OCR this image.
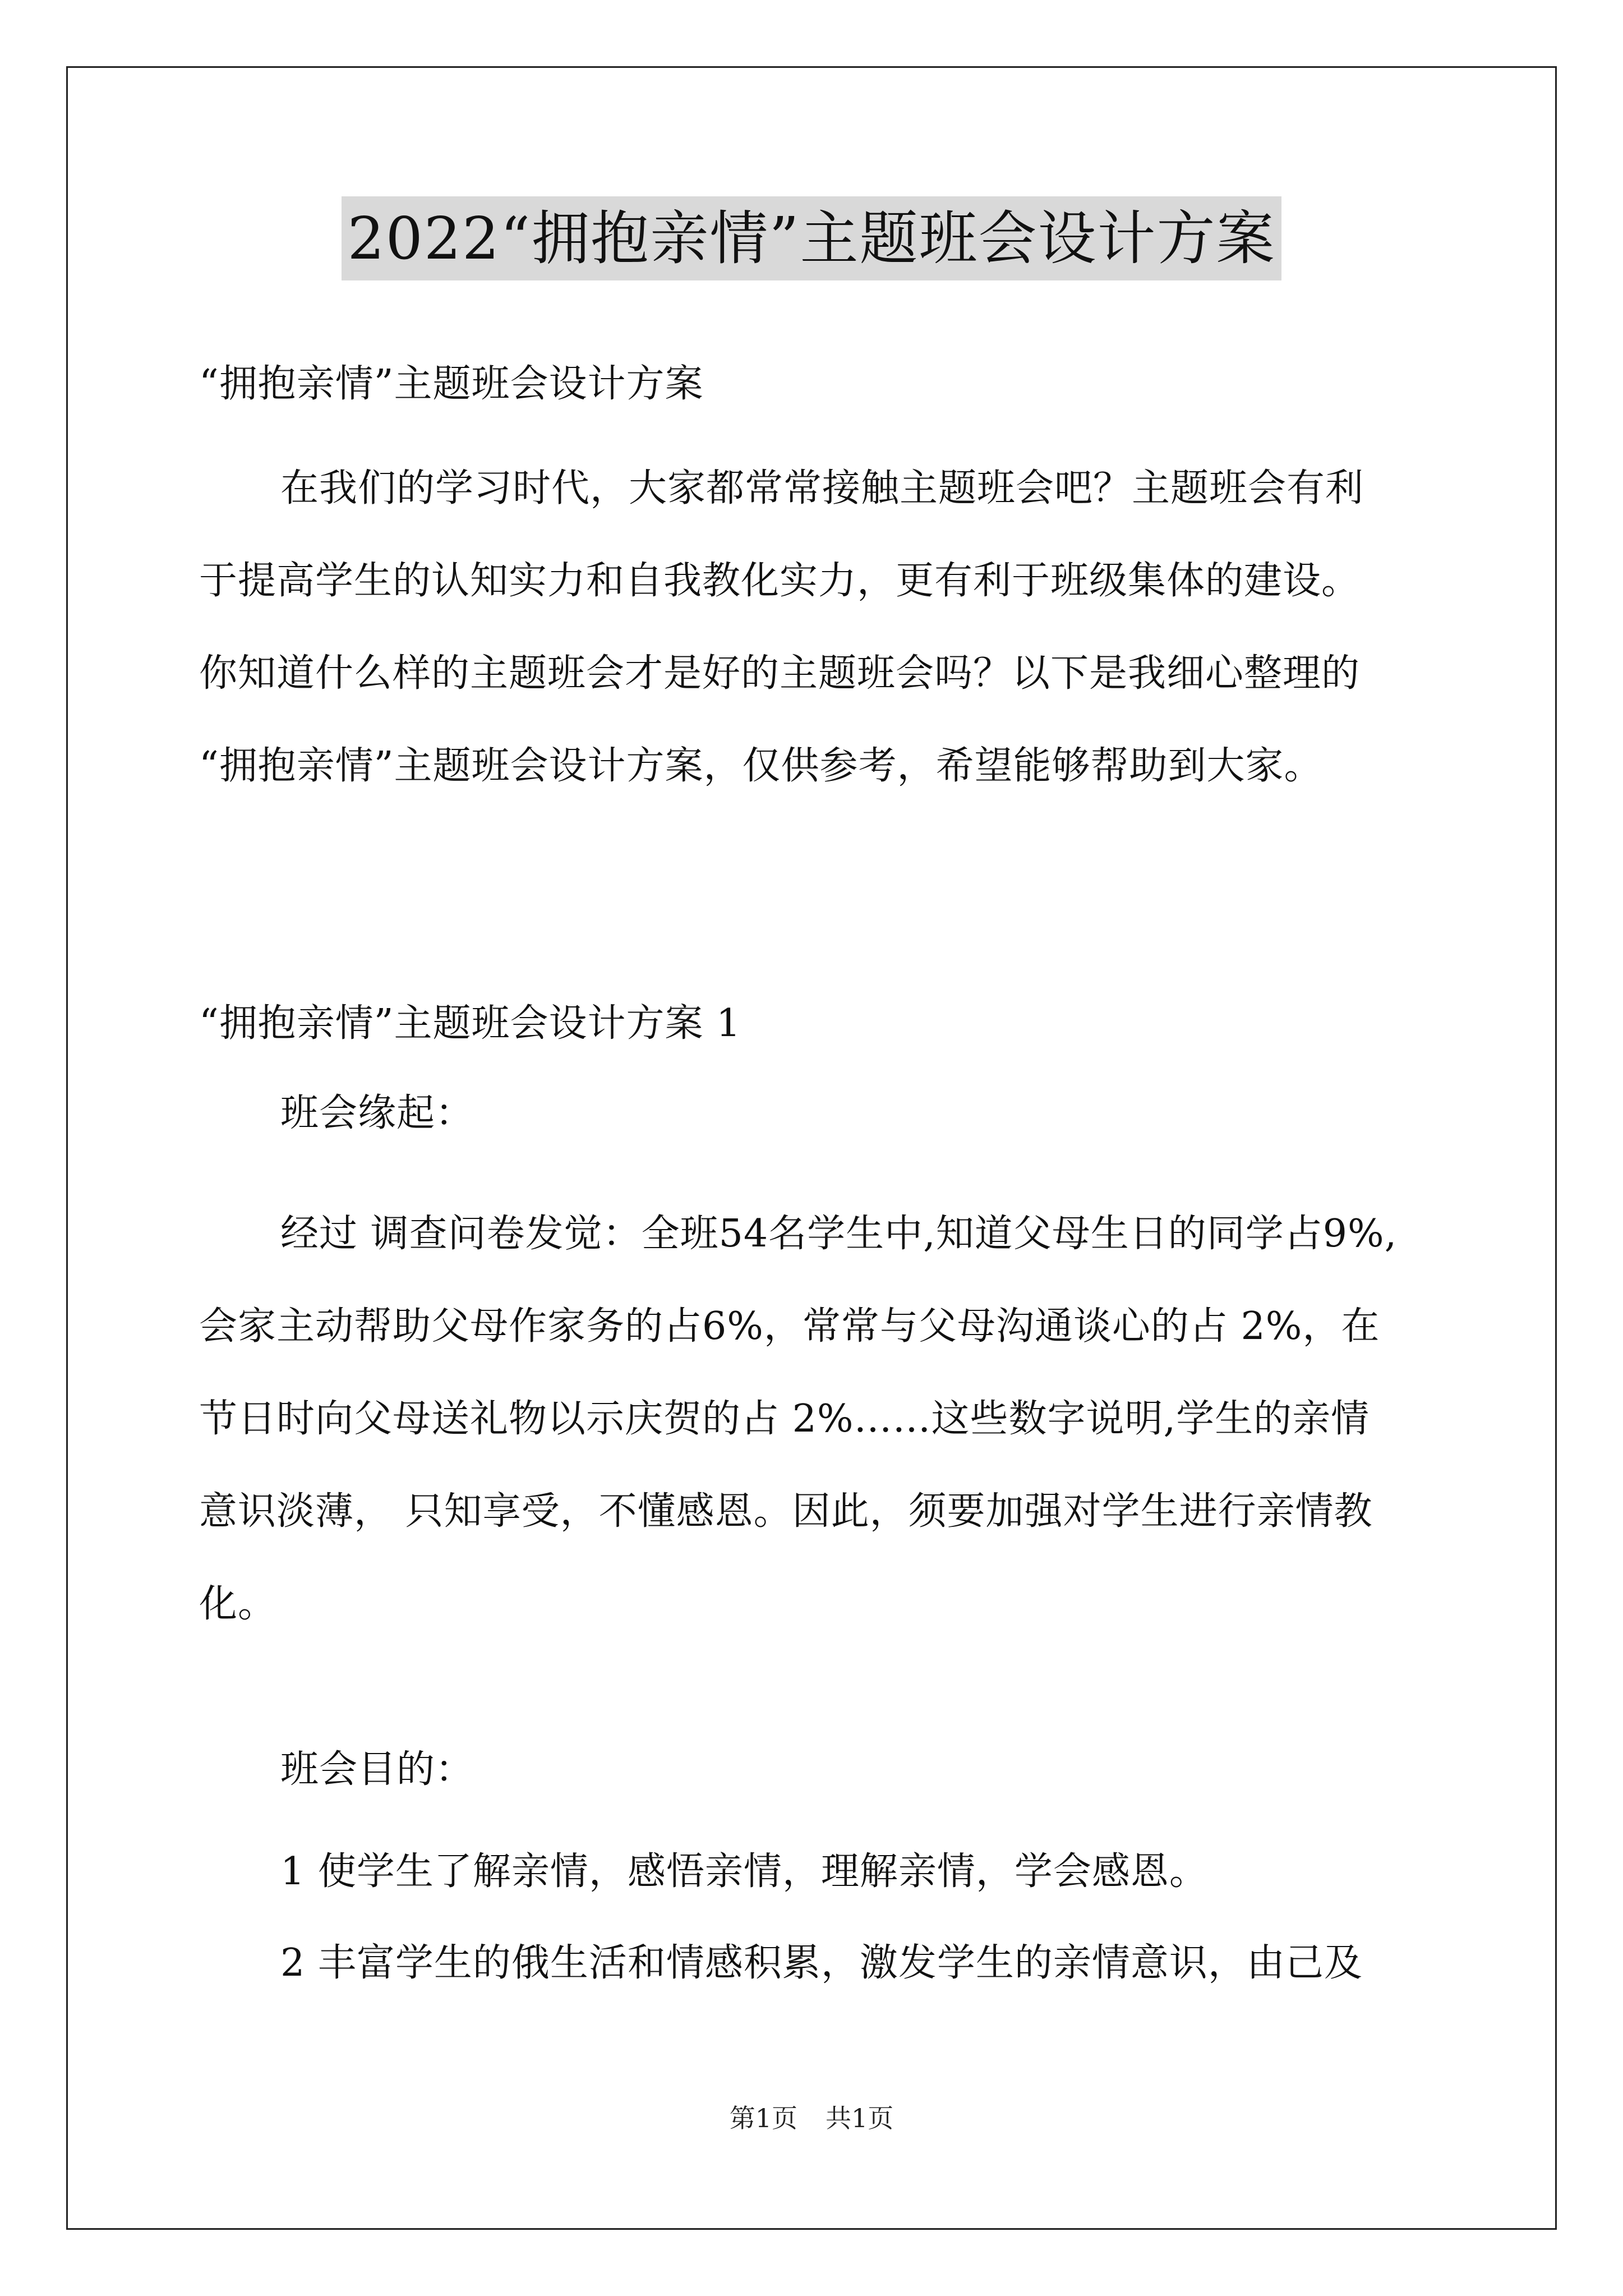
2022“拥抱亲情”主题班会设计方案

“拥抱亲情”主题班会设计方案

在我们的学习时代，大家都常常接触主题班会吧？主题班会有利
于提高学生的认知实力和自我教化实力，更有利于班级集体的建设。
你知道什么样的主题班会才是好的主题班会吗？以下是我细心整理的
“拥抱亲情”主题班会设计方案，仅供参考，希望能够帮助到大家。

“拥抱亲情”主题班会设计方案 1

班会缘起：

经过 调查问卷发觉：全班54名学生中,知道父母生日的同学占9%,
会家主动帮助父母作家务的占6%，常常与父母沟通谈心的占 2%，在
节日时向父母送礼物以示庆贺的占 2%……这些数字说明,学生的亲情
意识淡薄， 只知享受，不懂感恩。因此，须要加强对学生进行亲情教
化。

班会目的：

1 使学生了解亲情，感悟亲情，理解亲情，学会感恩。

2 丰富学生的俄生活和情感积累，激发学生的亲情意识，由己及

第1页 共1页
